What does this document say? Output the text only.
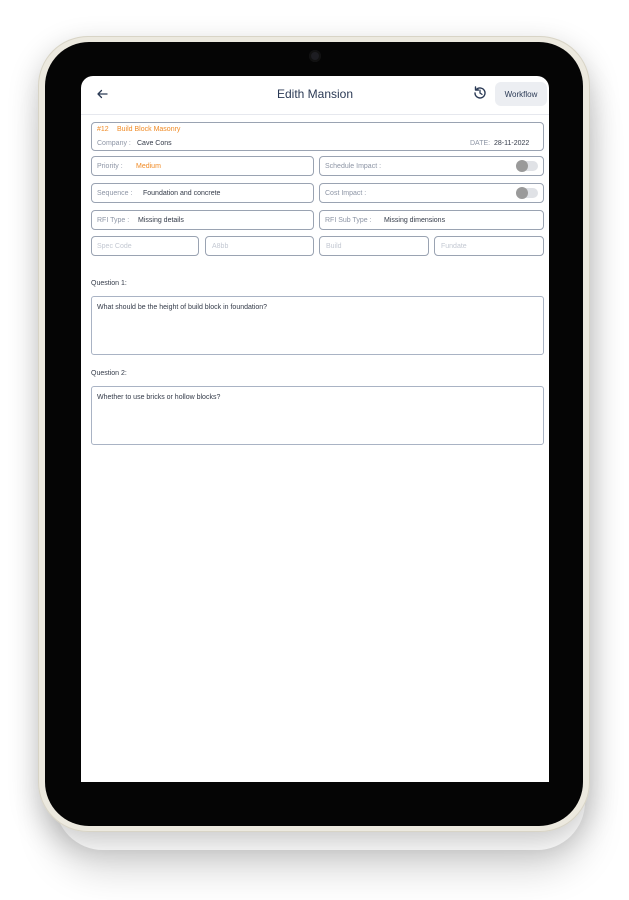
Edith Mansion	Workflow
#12 Build Block Masonry
Company : Cave Cons	DATE: 28-11-2022
Priority : Medium	Schedule Impact :
Sequence : Foundation and concrete	Cost Impact :
RFI Type : Missing details	RFI Sub Type : Missing dimensions
Spec Code	A8bb	Build	Fundate
Question 1:
What should be the height of build block in foundation?
Question 2:
Whether to use bricks or hollow blocks?
